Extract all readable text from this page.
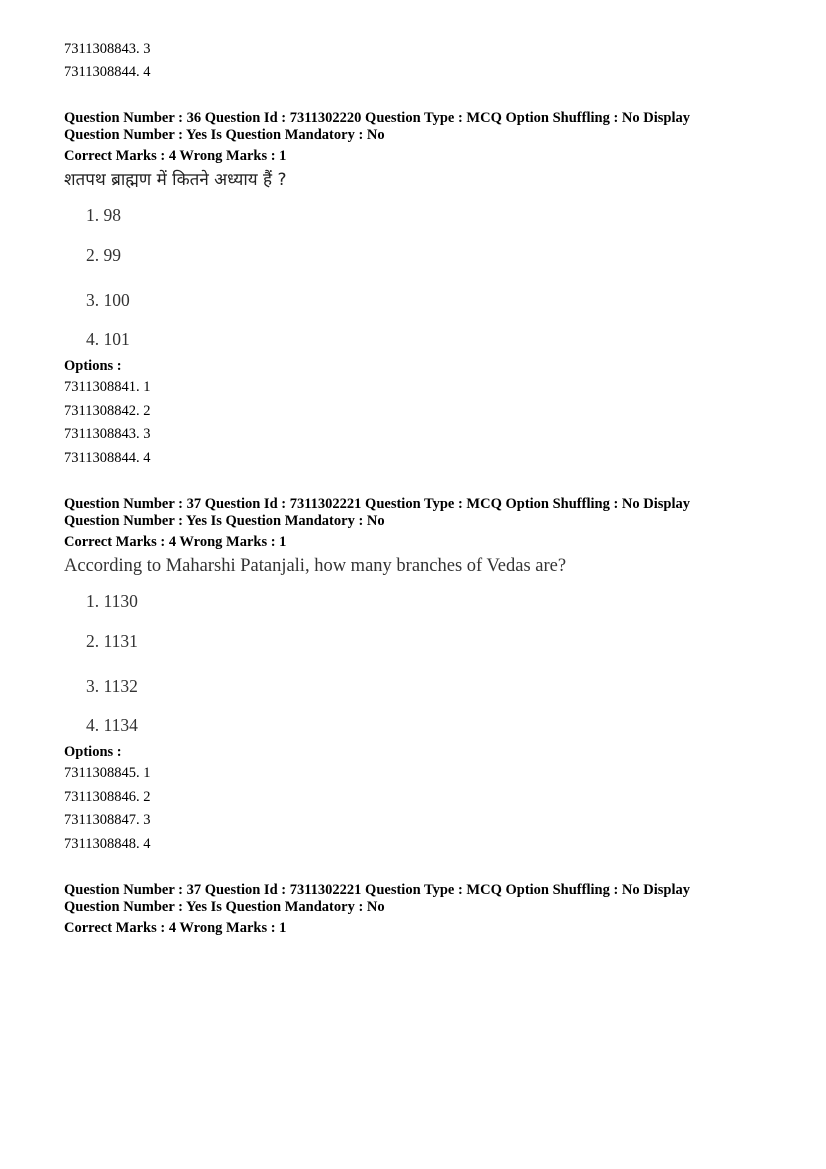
7311308843. 3
7311308844. 4
Question Number : 36 Question Id : 7311302220 Question Type : MCQ Option Shuffling : No Display
Question Number : Yes Is Question Mandatory : No
Correct Marks : 4 Wrong Marks : 1
शतपथ ब्राह्मण में कितने अध्याय हैं ?
1. 98
2. 99
3. 100
4. 101
Options :
7311308841. 1
7311308842. 2
7311308843. 3
7311308844. 4
Question Number : 37 Question Id : 7311302221 Question Type : MCQ Option Shuffling : No Display
Question Number : Yes Is Question Mandatory : No
Correct Marks : 4 Wrong Marks : 1
According to Maharshi Patanjali, how many branches of Vedas are?
1. 1130
2. 1131
3. 1132
4. 1134
Options :
7311308845. 1
7311308846. 2
7311308847. 3
7311308848. 4
Question Number : 37 Question Id : 7311302221 Question Type : MCQ Option Shuffling : No Display
Question Number : Yes Is Question Mandatory : No
Correct Marks : 4 Wrong Marks : 1
